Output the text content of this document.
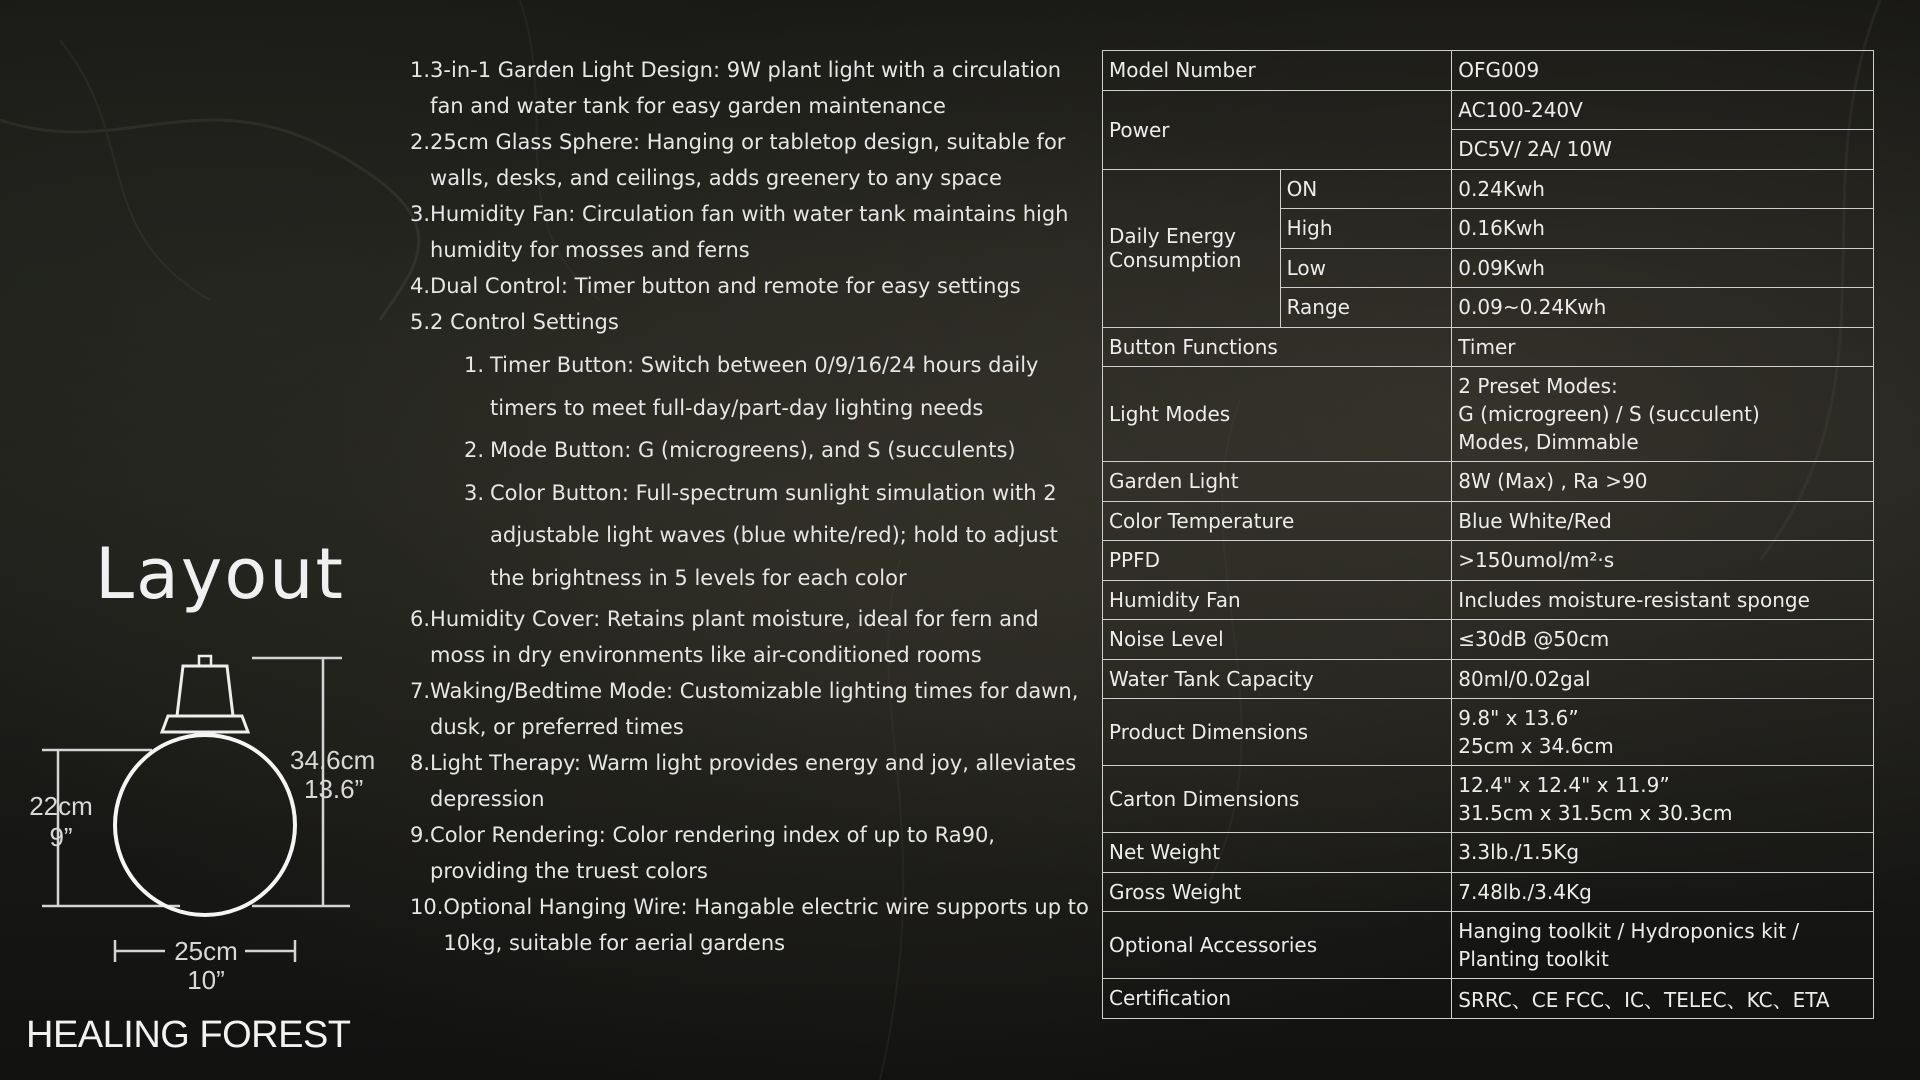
Layout
34.6cm
13.6”
22cm
9”
25cm
10”
HEALING FOREST
1. 3-in-1 Garden Light Design: 9W plant light with a circulation fan and water tank for easy garden maintenance
2. 25cm Glass Sphere: Hanging or tabletop design, suitable for walls, desks, and ceilings, adds greenery to any space
3. Humidity Fan: Circulation fan with water tank maintains high humidity for mosses and ferns
4. Dual Control: Timer button and remote for easy settings
5. 2 Control Settings
1. Timer Button: Switch between 0/9/16/24 hours daily timers to meet full-day/part-day lighting needs
2. Mode Button: G (microgreens), and S (succulents)
3. Color Button: Full-spectrum sunlight simulation with 2 adjustable light waves (blue white/red); hold to adjust the brightness in 5 levels for each color
6. Humidity Cover: Retains plant moisture, ideal for fern and moss in dry environments like air-conditioned rooms
7. Waking/Bedtime Mode: Customizable lighting times for dawn, dusk, or preferred times
8. Light Therapy: Warm light provides energy and joy, alleviates depression
9. Color Rendering: Color rendering index of up to Ra90, providing the truest colors
10. Optional Hanging Wire: Hangable electric wire supports up to 10kg, suitable for aerial gardens
Model Number		OFG009
Power		AC100-240V
		DC5V/ 2A/ 10W
Daily Energy Consumption	ON	0.24Kwh
	High	0.16Kwh
	Low	0.09Kwh
	Range	0.09~0.24Kwh
Button Functions		Timer
Light Modes		2 Preset Modes:
G (microgreen) / S (succulent)
Modes, Dimmable

Garden Light		8W (Max) , Ra >90
Color Temperature		Blue White/Red
PPFD		>150umol/m²·s
Humidity Fan		Includes moisture-resistant sponge
Noise Level		≤30dB @50cm
Water Tank Capacity		80ml/0.02gal
Product Dimensions		9.8" x 13.6”
25cm x 34.6cm

Carton Dimensions		12.4" x 12.4" x 11.9”
31.5cm x 31.5cm x 30.3cm

Net Weight		3.3lb./1.5Kg
Gross Weight		7.48lb./3.4Kg
Optional Accessories		Hanging toolkit / Hydroponics kit /
Planting toolkit

Certification		SRRC、CE FCC、IC、TELEC、KC、ETA
